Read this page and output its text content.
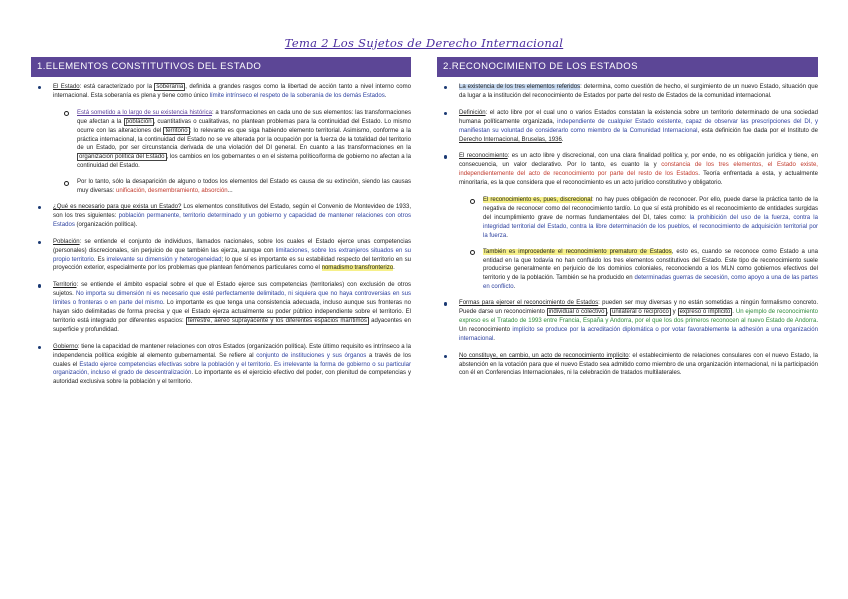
Tema 2 Los Sujetos de Derecho Internacional
1.ELEMENTOS CONSTITUTIVOS DEL ESTADO
El Estado: está caracterizado por la soberanía , definida a grandes rasgos como la libertad de acción tanto a nivel interno como internacional. Esta soberanía es plena y tiene como único límite intrínseco el respeto de la soberanía de los demás Estados.
Está sometido a lo largo de su existencia histórica: a transformaciones en cada uno de sus elementos: las transformaciones que afectan a la población , cuantitativas o cualitativas, no plantean problemas para la continuidad del Estado. Lo mismo ocurre con las alteraciones del territorio ; lo relevante es que siga habiendo elemento territorial. Asimismo, conforme a la práctica internacional, la continuidad del Estado no se ve alterada por la ocupación por la fuerza de la totalidad del territorio de un Estado, por ser circunstancia derivada de una violación del DI general. En cuanto a las transformaciones en la organización política del Estado , los cambios en los gobernantes o en el sistema político/forma de gobierno no afectan a la continuidad del Estado.
Por lo tanto, sólo la desaparición de alguno o todos los elementos del Estado es causa de su extinción, siendo las causas muy diversas: unificación, desmembramiento, absorción...
¿Qué es necesario para que exista un Estado? Los elementos constitutivos del Estado, según el Convenio de Montevideo de 1933, son los tres siguientes: población permanente, territorio determinado y un gobierno y capacidad de mantener relaciones con otros Estados (organización política).
Población: se entiende el conjunto de individuos, llamados nacionales, sobre los cuales el Estado ejerce unas competencias (personales) discrecionales, sin perjuicio de que también las ejerza, aunque con limitaciones, sobre los extranjeros situados en su propio territorio. Es irrelevante su dimensión y heterogeneidad; lo que sí es importante es su estabilidad respecto del territorio en su proyección exterior, especialmente por los problemas que plantean fenómenos particulares como el nomadismo transfronterizo.
Territorio: se entiende el ámbito espacial sobre el que el Estado ejerce sus competencias (territoriales) con exclusión de otros sujetos. No importa su dimensión ni es necesario que esté perfectamente delimitado, ni siquiera que no haya controversias en sus límites o fronteras o en parte del mismo. Lo importante es que tenga una consistencia adecuada, incluso aunque sus fronteras no hayan sido delimitadas de forma precisa y que el Estado ejerza actualmente su poder público independiente sobre el territorio. El territorio está integrado por diferentes espacios: terrestre, aéreo suprayacente y los diferentes espacios marítimos adyacentes en superficie y profundidad.
Gobierno: tiene la capacidad de mantener relaciones con otros Estados (organización política). Este último requisito es intrínseco a la independencia política exigible al elemento gubernamental. Se refiere al conjunto de instituciones y sus órganos a través de los cuales el Estado ejerce competencias efectivas sobre la población y el territorio. Es irrelevante la forma de gobierno o su particular organización, incluso el grado de descentralización. Lo importante es el ejercicio efectivo del poder, con plenitud de competencias y autoridad exclusiva sobre la población y el territorio.
2.RECONOCIMIENTO DE LOS ESTADOS
La existencia de los tres elementos referidos: determina, como cuestión de hecho, el surgimiento de un nuevo Estado, situación que da lugar a la institución del reconocimiento de Estados por parte del resto de Estados de la comunidad internacional.
Definición: el acto libre por el cual uno o varios Estados constatan la existencia sobre un territorio determinado de una sociedad humana políticamente organizada, independiente de cualquier Estado existente, capaz de observar las prescripciones del DI, y manifiestan su voluntad de considerarlo como miembro de la Comunidad Internacional, esta definición fue dada por el Instituto de Derecho Internacional, Bruselas, 1936.
El reconocimiento: es un acto libre y discrecional, con una clara finalidad política y, por ende, no es obligación jurídica y tiene, en consecuencia, un valor declarativo. Por lo tanto, es cuanto la y constancia de los tres elementos, el Estado existe, independientemente del acto de reconocimiento por parte del resto de los Estados. Teoría enfrentada a esta, y actualmente minoritaria, es la que considera que el reconocimiento es un acto jurídico constitutivo y obligatorio.
El reconocimiento es, pues, discrecional: no hay pues obligación de reconocer. Por ello, puede darse la práctica tanto de la negativa de reconocer como del reconocimiento tardío. Lo que sí está prohibido es el reconocimiento de entidades surgidas del incumplimiento grave de normas fundamentales del DI, tales como: la prohibición del uso de la fuerza, contra la integridad territorial del Estado, contra la libre determinación de los pueblos, el reconocimiento de adquisición territorial por la fuerza.
También es improcedente el reconocimiento prematuro de Estados, esto es, cuando se reconoce como Estado a una entidad en la que todavía no han confluido los tres elementos constitutivos del Estado. Este tipo de reconocimiento suele producirse generalmente en perjuicio de los dominios coloniales, reconociendo a los MLN como gobiernos efectivos del territorio y de la población. También se ha producido en determinadas guerras de secesión, como apoyo a una de las partes en conflicto.
Formas para ejercer el reconocimiento de Estados: pueden ser muy diversas y no están sometidas a ningún formalismo concreto. Puede darse un reconocimiento individual o colectivo , unilateral o recíproco y expreso o implícito . Un ejemplo de reconocimiento expreso es el Tratado de 1993 entre Francia, España y Andorra, por el que los dos primeros reconocen al nuevo Estado de Andorra. Un reconocimiento implícito se produce por la acreditación diplomática o por votar favorablemente la adhesión a una organización internacional.
No constituye, en cambio, un acto de reconocimiento implícito: el establecimiento de relaciones consulares con el nuevo Estado, la abstención en la votación para que el nuevo Estado sea admitido como miembro de una organización internacional, ni la participación con él en Conferencias Internacionales, ni la celebración de tratados multilaterales.
